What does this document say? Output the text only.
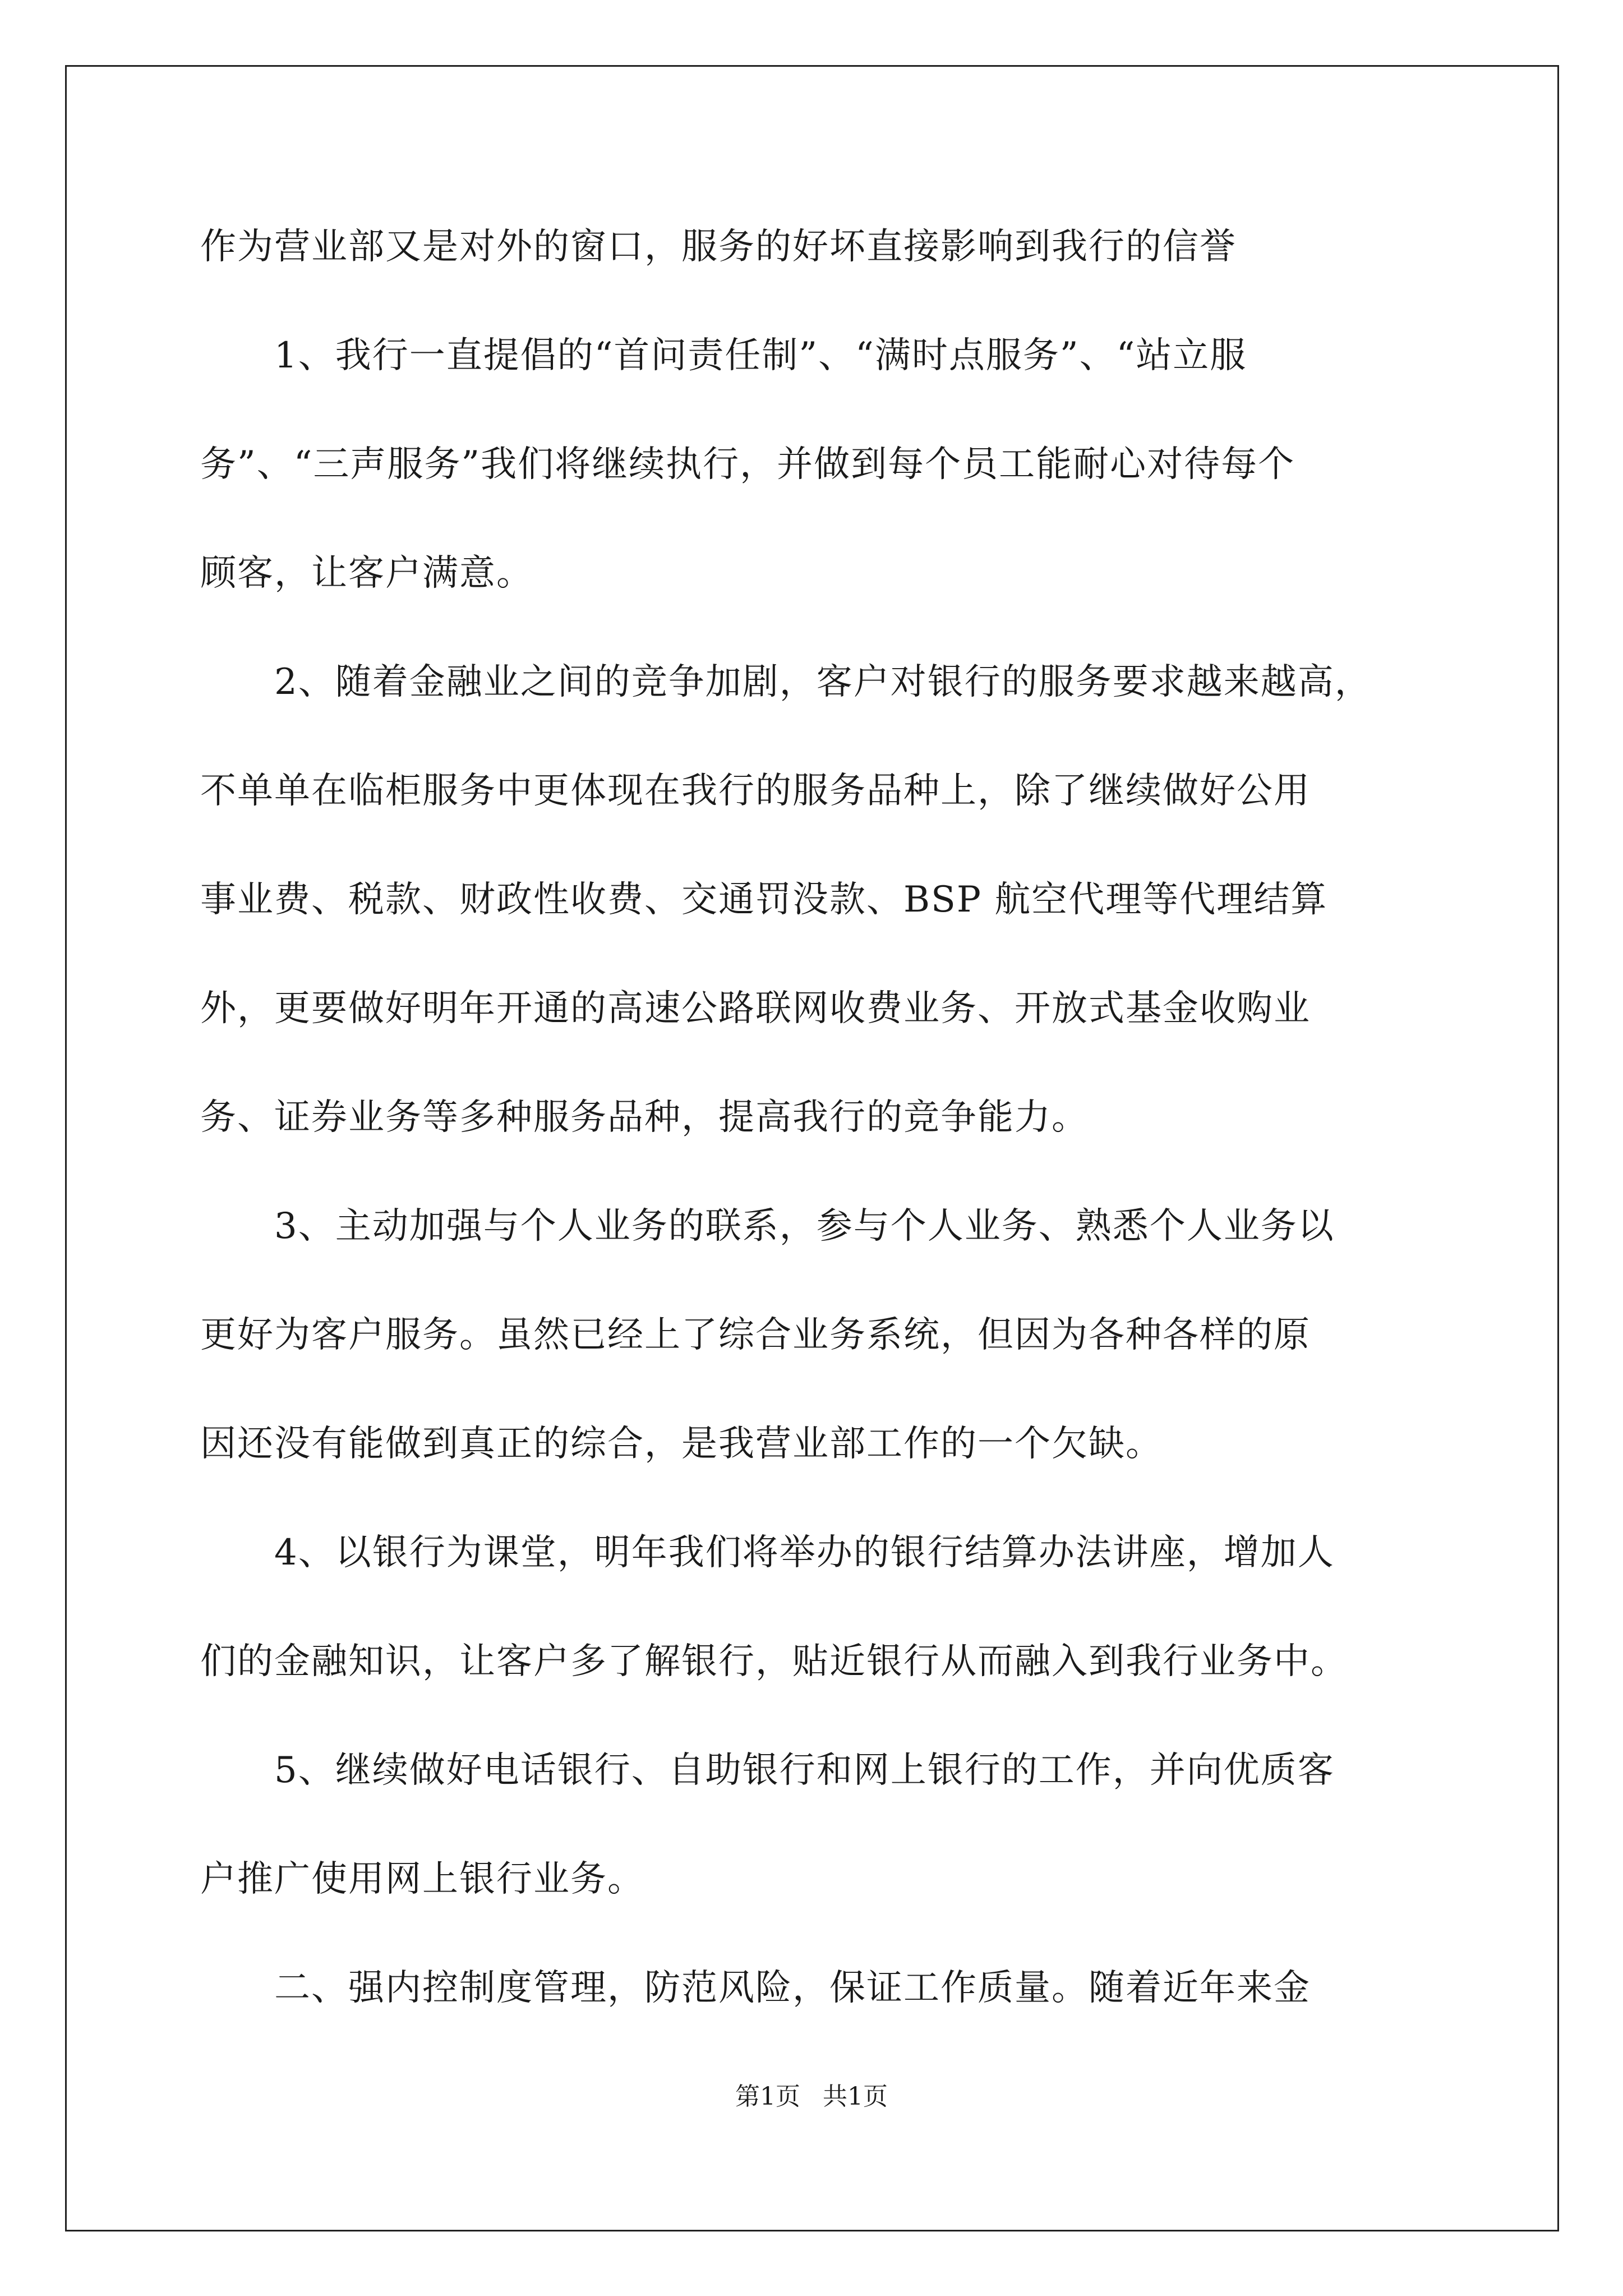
作为营业部又是对外的窗口，服务的好坏直接影响到我行的信誉
　　1、我行一直提倡的“首问责任制”、“满时点服务”、“站立服
务”、“三声服务”我们将继续执行，并做到每个员工能耐心对待每个
顾客，让客户满意。
　　2、随着金融业之间的竞争加剧，客户对银行的服务要求越来越高，
不单单在临柜服务中更体现在我行的服务品种上，除了继续做好公用
事业费、税款、财政性收费、交通罚没款、BSP 航空代理等代理结算
外，更要做好明年开通的高速公路联网收费业务、开放式基金收购业
务、证券业务等多种服务品种，提高我行的竞争能力。
　　3、主动加强与个人业务的联系，参与个人业务、熟悉个人业务以
更好为客户服务。虽然已经上了综合业务系统，但因为各种各样的原
因还没有能做到真正的综合，是我营业部工作的一个欠缺。
　　4、以银行为课堂，明年我们将举办的银行结算办法讲座，增加人
们的金融知识，让客户多了解银行，贴近银行从而融入到我行业务中。
　　5、继续做好电话银行、自助银行和网上银行的工作，并向优质客
户推广使用网上银行业务。
　　二、强内控制度管理，防范风险，保证工作质量。随着近年来金
第1页 共1页
